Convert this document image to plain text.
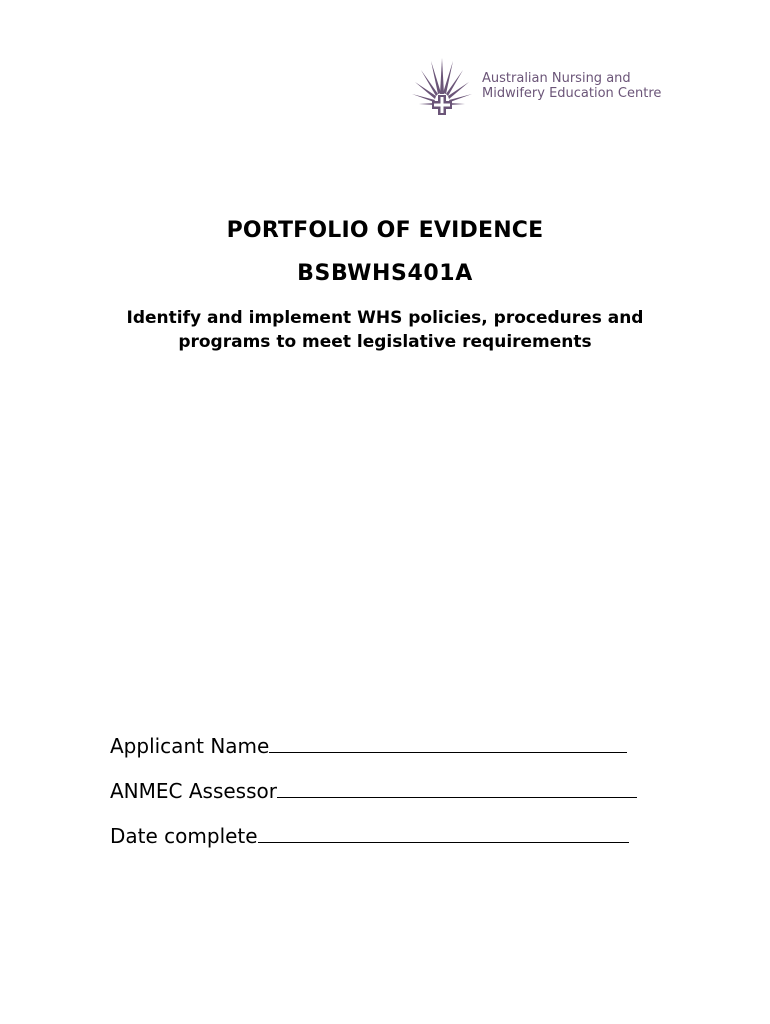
Australian Nursing and
Midwifery Education Centre
PORTFOLIO OF EVIDENCE
BSBWHS401A
Identify and implement WHS policies, procedures and
programs to meet legislative requirements
Applicant Name
ANMEC Assessor
Date complete
